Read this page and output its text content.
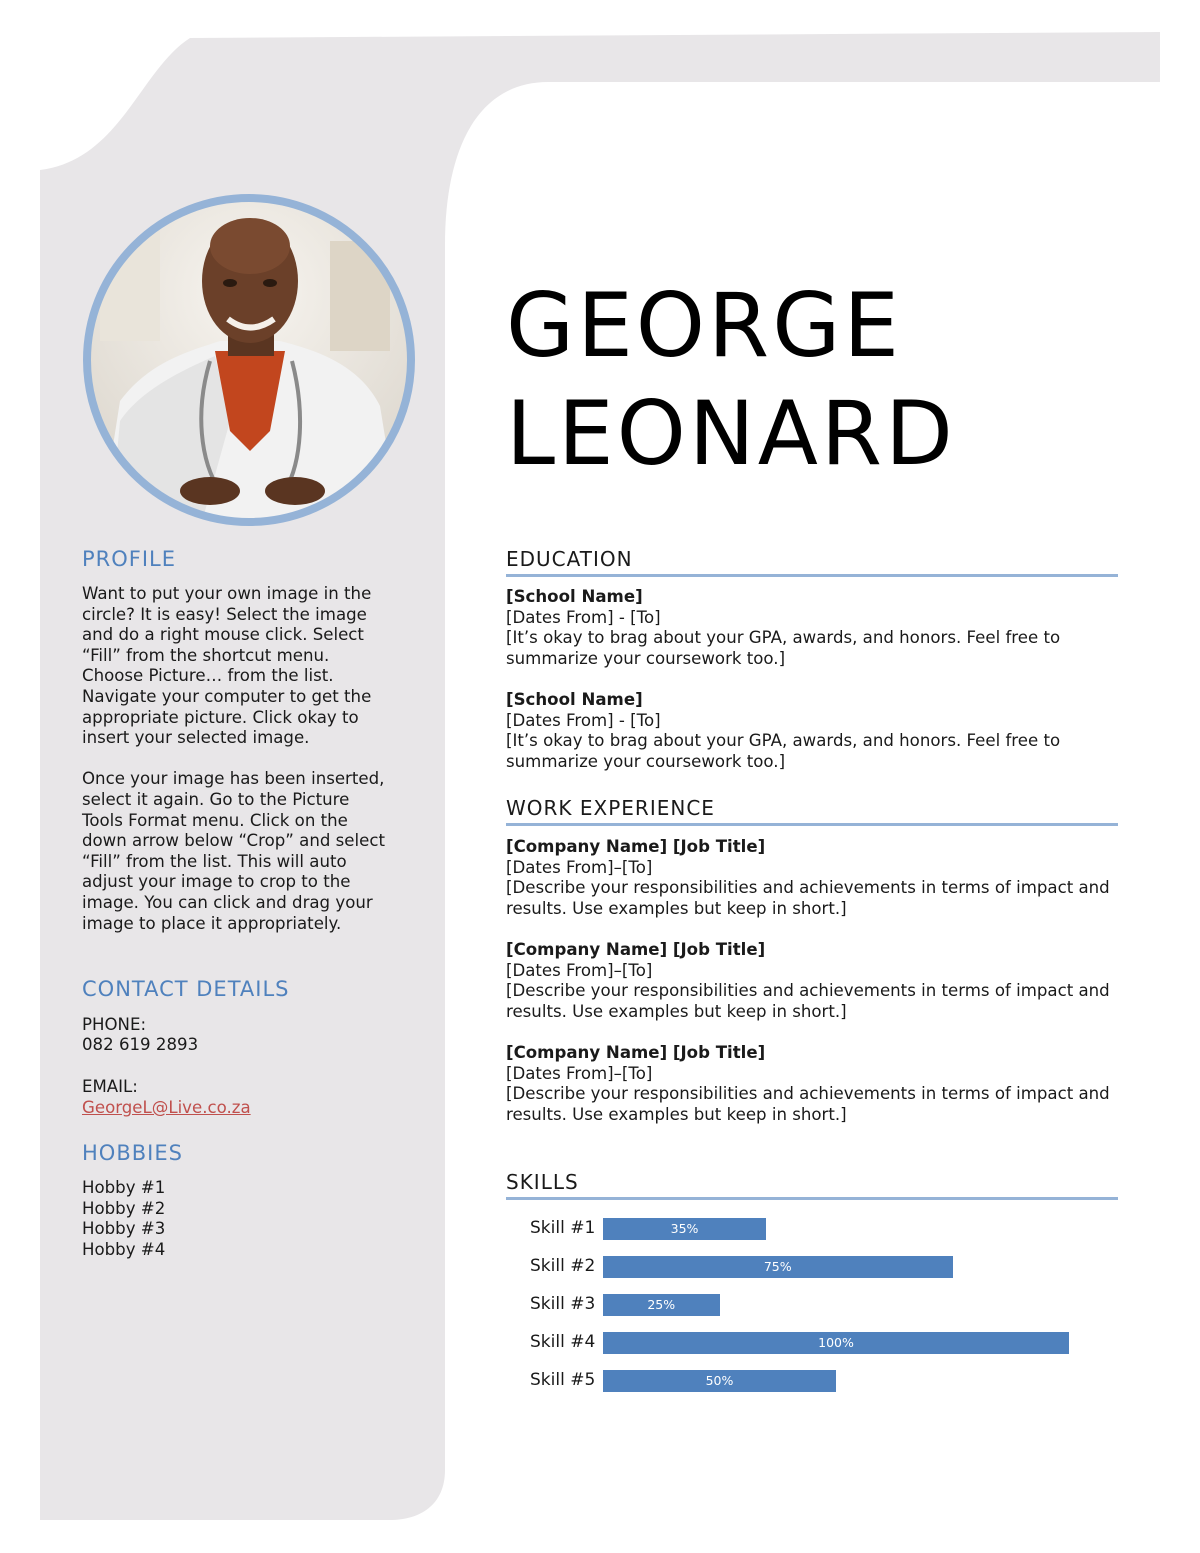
PROFILE

Want to put your own image in the
circle? It is easy! Select the image
and do a right mouse click. Select
“Fill” from the shortcut menu.
Choose Picture… from the list.
Navigate your computer to get the
appropriate picture. Click okay to
insert your selected image.

Once your image has been inserted,
select it again. Go to the Picture
Tools Format menu. Click on the
down arrow below “Crop” and select
“Fill” from the list. This will auto
adjust your image to crop to the
image. You can click and drag your
image to place it appropriately.

CONTACT DETAILS
PHONE:
082 619 2893
EMAIL:
GeorgeL@Live.co.za
HOBBIES
Hobby #1
Hobby #2
Hobby #3
Hobby #4
GEORGE
LEONARD
EDUCATION
[School Name]
[Dates From] - [To]
[It’s okay to brag about your GPA, awards, and honors. Feel free to summarize your coursework too.]
[School Name]
[Dates From] - [To]
[It’s okay to brag about your GPA, awards, and honors. Feel free to summarize your coursework too.]
WORK EXPERIENCE
[Company Name] [Job Title]
[Dates From]–[To]
[Describe your responsibilities and achievements in terms of impact and results. Use examples but keep in short.]
[Company Name] [Job Title]
[Dates From]–[To]
[Describe your responsibilities and achievements in terms of impact and results. Use examples but keep in short.]
[Company Name] [Job Title]
[Dates From]–[To]
[Describe your responsibilities and achievements in terms of impact and results. Use examples but keep in short.]
SKILLS
Skill #1	35%
Skill #2	75%
Skill #3	25%
Skill #4	100%
Skill #5	50%
